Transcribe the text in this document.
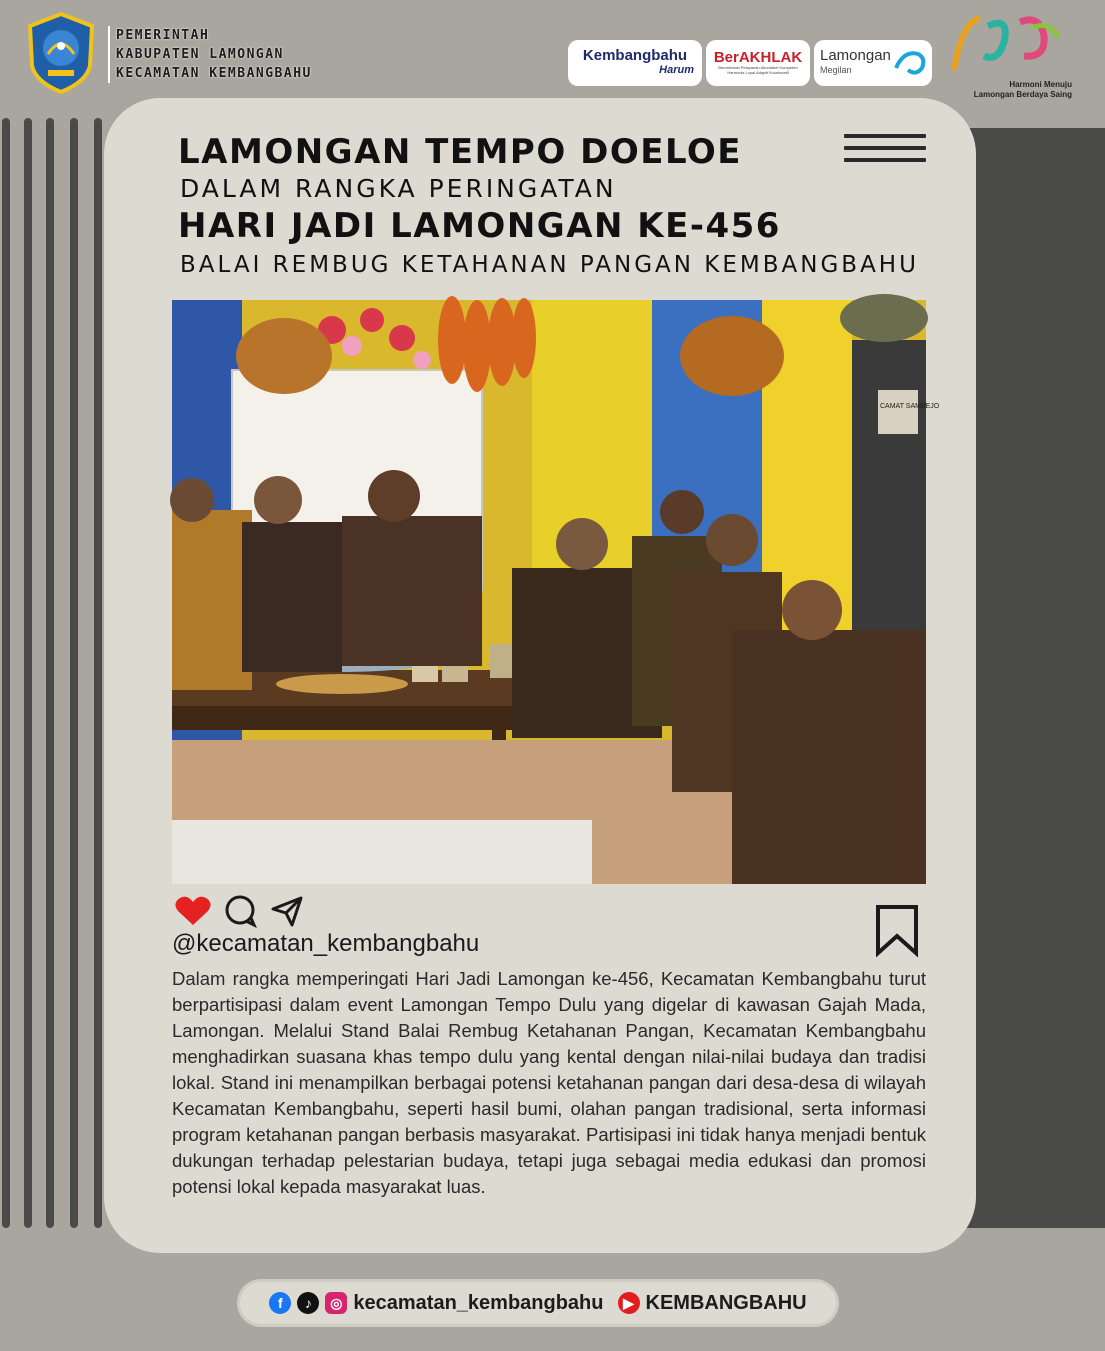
PEMERINTAH
KABUPATEN LAMONGAN
KECAMATAN KEMBANGBAHU
Kembangbahu
Harum
BerAKHLAK
Berorientasi Pelayanan Akuntabel Kompeten Harmonis Loyal Adaptif Kolaboratif
Lamongan
Megilan
Harmoni Menuju
Lamongan Berdaya Saing
LAMONGAN TEMPO DOELOE
DALAM RANGKA PERINGATAN
HARI JADI LAMONGAN KE-456
BALAI REMBUG KETAHANAN PANGAN KEMBANGBAHU
CAMAT SAMBEJO
@kecamatan_kembangbahu
Dalam rangka memperingati Hari Jadi Lamongan ke-456, Kecamatan Kembangbahu turut berpartisipasi dalam event Lamongan Tempo Dulu yang digelar di kawasan Gajah Mada, Lamongan. Melalui Stand Balai Rembug Ketahanan Pangan, Kecamatan Kembangbahu menghadirkan suasana khas tempo dulu yang kental dengan nilai-nilai budaya dan tradisi lokal. Stand ini menampilkan berbagai potensi ketahanan pangan dari desa-desa di wilayah Kecamatan Kembangbahu, seperti hasil bumi, olahan pangan tradisional, serta informasi program ketahanan pangan berbasis masyarakat. Partisipasi ini tidak hanya menjadi bentuk dukungan terhadap pelestarian budaya, tetapi juga sebagai media edukasi dan promosi potensi lokal kepada masyarakat luas.
f	♪	◎ kecamatan_kembangbahu	▶ KEMBANGBAHU
